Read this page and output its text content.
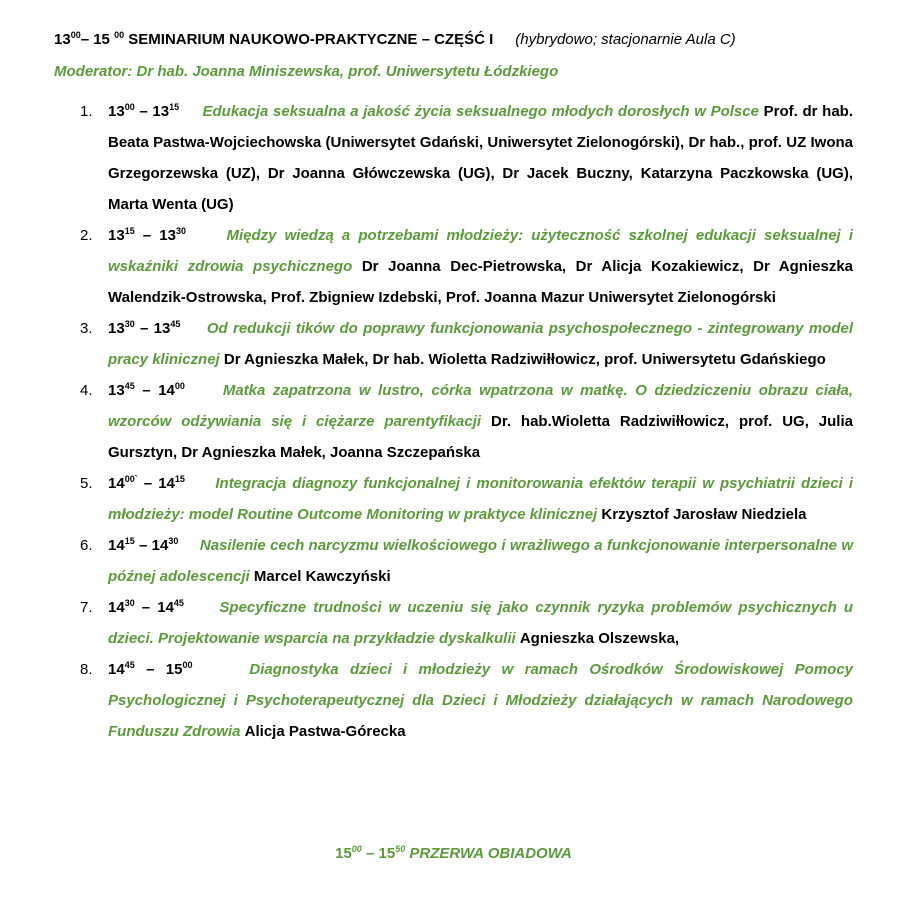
$13^{00}-$ 15 $^{00}$ SEMINARIUM NAUKOWO-PRAKTYCZNE – CZĘŚĆ I (hybrydowo; stacjonarnie Aula C)
Moderator: Dr hab. Joanna Miniszewska, prof. Uniwersytetu Łódzkiego
1. $13^{00} - 13^{15}$ Edukacja seksualna a jakość życia seksualnego młodych dorosłych w Polsce Prof. dr hab. Beata Pastwa-Wojciechowska (Uniwersytet Gdański, Uniwersytet Zielonogórski), Dr hab., prof. UZ Iwona Grzegorzewska (UZ), Dr Joanna Główczewska (UG), Dr Jacek Buczny, Katarzyna Paczkowska (UG), Marta Wenta (UG)
2. $13^{15} - 13^{30}$	Między wiedzą a potrzebami młodzieży: użyteczność szkolnej edukacji seksualnej i wskaźniki zdrowia psychicznego Dr Joanna Dec-Pietrowska, Dr Alicja Kozakiewicz, Dr Agnieszka Walendzik-Ostrowska, Prof. Zbigniew Izdebski, Prof. Joanna Mazur Uniwersytet Zielonogórski
3. $13^{30} - 13^{45}$ Od redukcji tików do poprawy funkcjonowania psychospołecznego - zintegrowany model pracy klinicznej Dr Agnieszka Małek, Dr hab. Wioletta Radziwiłłowicz, prof. Uniwersytetu Gdańskiego
4. $13^{45} - 14^{00}$	Matka zapatrzona w lustro, córka wpatrzona w matkę. O dziedziczeniu obrazu ciała, wzorców odżywiania się i ciężarze parentyfikacji Dr. hab.Wioletta Radziwiłłowicz, prof. UG, Julia Gursztyn, Dr Agnieszka Małek, Joanna Szczepańska
5. $14^{00`} - 14^{15}$ Integracja diagnozy funkcjonalnej i monitorowania efektów terapii w psychiatrii dzieci i młodzieży: model Routine Outcome Monitoring w praktyce klinicznej Krzysztof Jarosław Niedziela
6. $14^{15} - 14^{30}$ Nasilenie cech narcyzmu wielkościowego i wrażliwego a funkcjonowanie interpersonalne w późnej adolescencji Marcel Kawczyński
7. $14^{30} - 14^{45}$ Specyficzne trudności w uczeniu się jako czynnik ryzyka problemów psychicznych u dzieci. Projektowanie wsparcia na przykładzie dyskalkulii Agnieszka Olszewska,
8. $14^{45} - 15^{00}$	Diagnostyka dzieci i młodzieży w ramach Ośrodków Środowiskowej Pomocy Psychologicznej i Psychoterapeutycznej dla Dzieci i Młodzieży działających w ramach Narodowego Funduszu Zdrowia Alicja Pastwa-Górecka
$15^{00} - 15^{50}$ PRZERWA OBIADOWA
